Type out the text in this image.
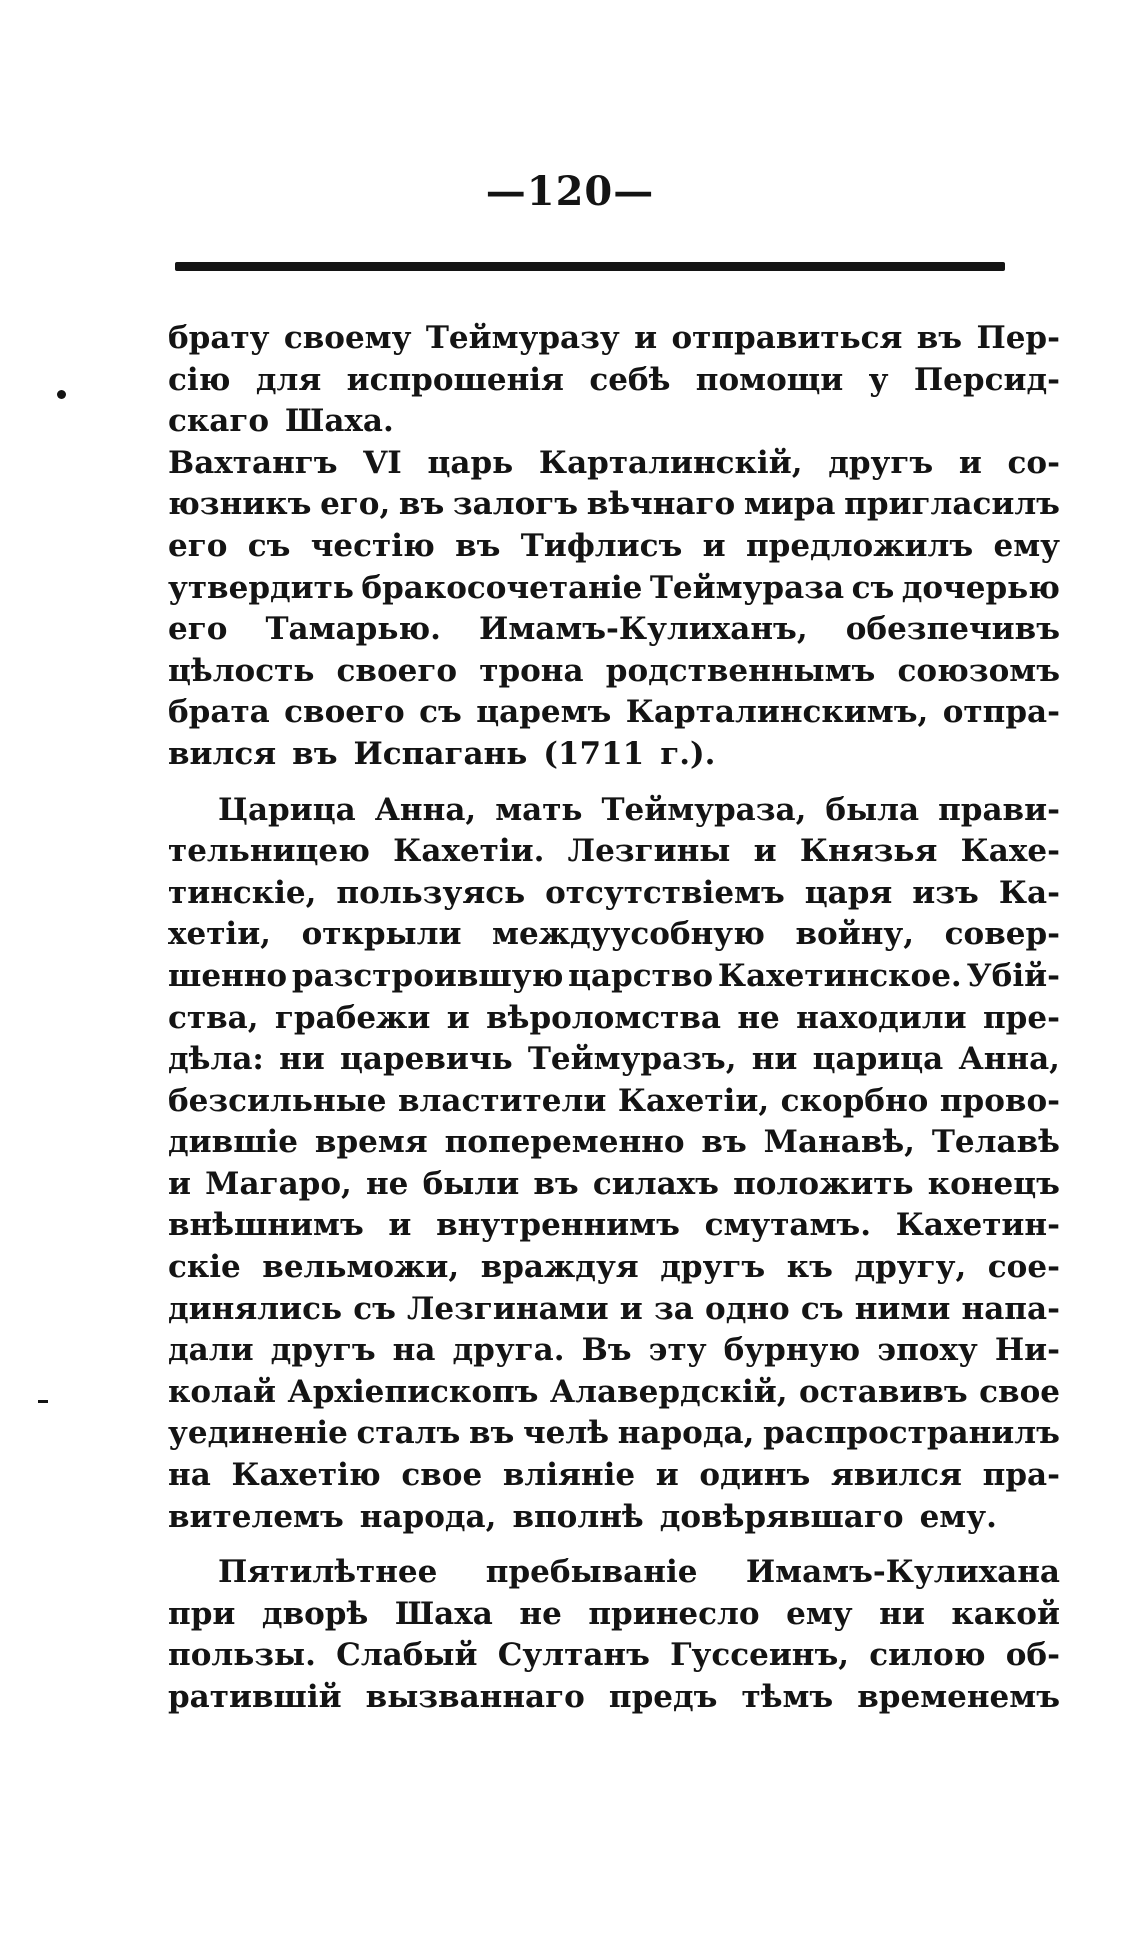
—120—
брату своему Теймуразу и отправиться въ Пер-
сію для испрошенія себѣ помощи у Персид-
скаго Шаха.
Вахтангъ VI царь Карталинскій, другъ и со-
юзникъ его, въ залогъ вѣчнаго мира пригласилъ
его съ честію въ Тифлисъ и предложилъ ему
утвердить бракосочетаніе Теймураза съ дочерью
его Тамарью. Имамъ-Кулиханъ, обезпечивъ
цѣлость своего трона родственнымъ союзомъ
брата своего съ царемъ Карталинскимъ, отпра-
вился въ Испагань (1711 г.).
Царица Анна, мать Теймураза, была прави-
тельницею Кахетіи. Лезгины и Князья Кахе-
тинскіе, пользуясь отсутствіемъ царя изъ Ка-
хетіи, открыли междуусобную войну, совер-
шенно разстроившую царство Кахетинское. Убій-
ства, грабежи и вѣроломства не находили пре-
дѣла: ни царевичь Теймуразъ, ни царица Анна,
безсильные властители Кахетіи, скорбно прово-
дившіе время попеременно въ Манавѣ, Телавѣ
и Магаро, не были въ силахъ положить конецъ
внѣшнимъ и внутреннимъ смутамъ. Кахетин-
скіе вельможи, враждуя другъ къ другу, сое-
динялись съ Лезгинами и за одно съ ними напа-
дали другъ на друга. Въ эту бурную эпоху Ни-
колай Архіепископъ Алавердскій, оставивъ свое
уединеніе сталъ въ челѣ народа, распространилъ
на Кахетію свое вліяніе и одинъ явился пра-
вителемъ народа, вполнѣ довѣрявшаго ему.
Пятилѣтнее пребываніе Имамъ-Кулихана
при дворѣ Шаха не принесло ему ни какой
пользы. Слабый Султанъ Гуссеинъ, силою об-
ратившій вызваннаго предъ тѣмъ временемъ
